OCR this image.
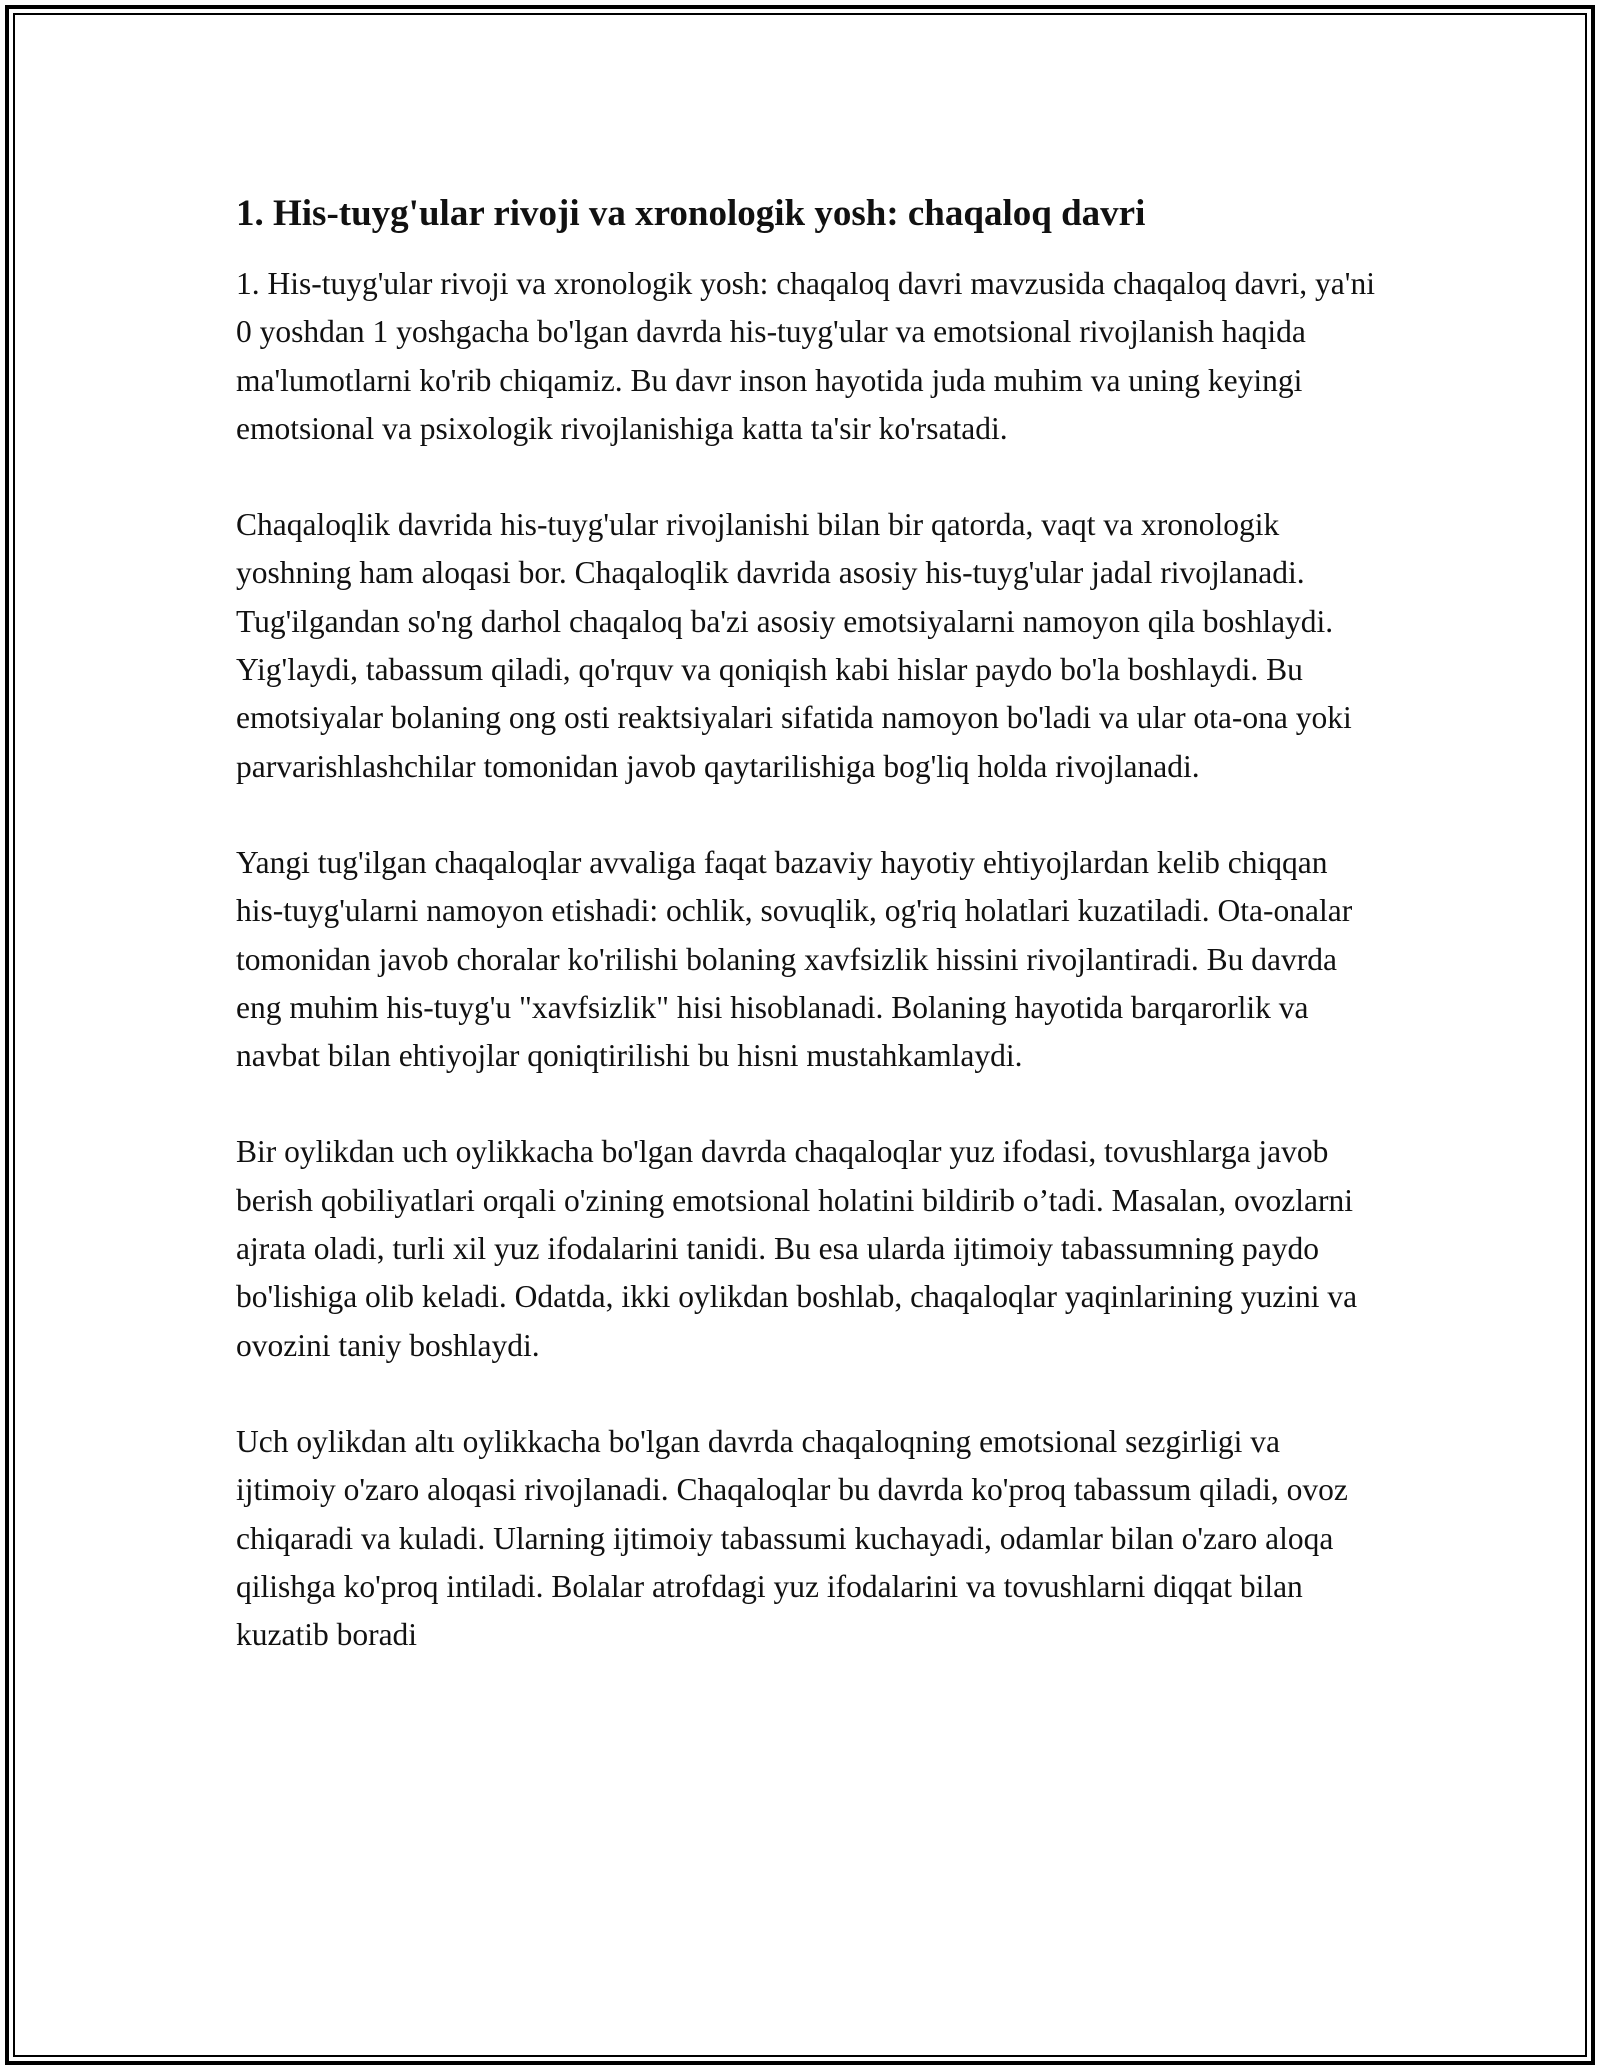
1. His-tuyg'ular rivoji va xronologik yosh: chaqaloq davri

1. His-tuyg'ular rivoji va xronologik yosh: chaqaloq davri mavzusida chaqaloq davri, ya'ni 0 yoshdan 1 yoshgacha bo'lgan davrda his-tuyg'ular va emotsional rivojlanish haqida ma'lumotlarni ko'rib chiqamiz. Bu davr inson hayotida juda muhim va uning keyingi emotsional va psixologik rivojlanishiga katta ta'sir ko'rsatadi.

Chaqaloqlik davrida his-tuyg'ular rivojlanishi bilan bir qatorda, vaqt va xronologik yoshning ham aloqasi bor. Chaqaloqlik davrida asosiy his-tuyg'ular jadal rivojlanadi. Tug'ilgandan so'ng darhol chaqaloq ba'zi asosiy emotsiyalarni namoyon qila boshlaydi. Yig'laydi, tabassum qiladi, qo'rquv va qoniqish kabi hislar paydo bo'la boshlaydi. Bu emotsiyalar bolaning ong osti reaktsiyalari sifatida namoyon bo'ladi va ular ota-ona yoki parvarishlashchilar tomonidan javob qaytarilishiga bog'liq holda rivojlanadi.

Yangi tug'ilgan chaqaloqlar avvaliga faqat bazaviy hayotiy ehtiyojlardan kelib chiqqan his-tuyg'ularni namoyon etishadi: ochlik, sovuqlik, og'riq holatlari kuzatiladi. Ota-onalar tomonidan javob choralar ko'rilishi bolaning xavfsizlik hissini rivojlantiradi. Bu davrda eng muhim his-tuyg'u "xavfsizlik" hisi hisoblanadi. Bolaning hayotida barqarorlik va navbat bilan ehtiyojlar qoniqtirilishi bu hisni mustahkamlaydi.

Bir oylikdan uch oylikkacha bo'lgan davrda chaqaloqlar yuz ifodasi, tovushlarga javob berish qobiliyatlari orqali o'zining emotsional holatini bildirib o’tadi. Masalan, ovozlarni ajrata oladi, turli xil yuz ifodalarini tanidi. Bu esa ularda ijtimoiy tabassumning paydo bo'lishiga olib keladi. Odatda, ikki oylikdan boshlab, chaqaloqlar yaqinlarining yuzini va ovozini taniy boshlaydi.

Uch oylikdan altı oylikkacha bo'lgan davrda chaqaloqning emotsional sezgirligi va ijtimoiy o'zaro aloqasi rivojlanadi. Chaqaloqlar bu davrda ko'proq tabassum qiladi, ovoz chiqaradi va kuladi. Ularning ijtimoiy tabassumi kuchayadi, odamlar bilan o'zaro aloqa qilishga ko'proq intiladi. Bolalar atrofdagi yuz ifodalarini va tovushlarni diqqat bilan kuzatib boradi
